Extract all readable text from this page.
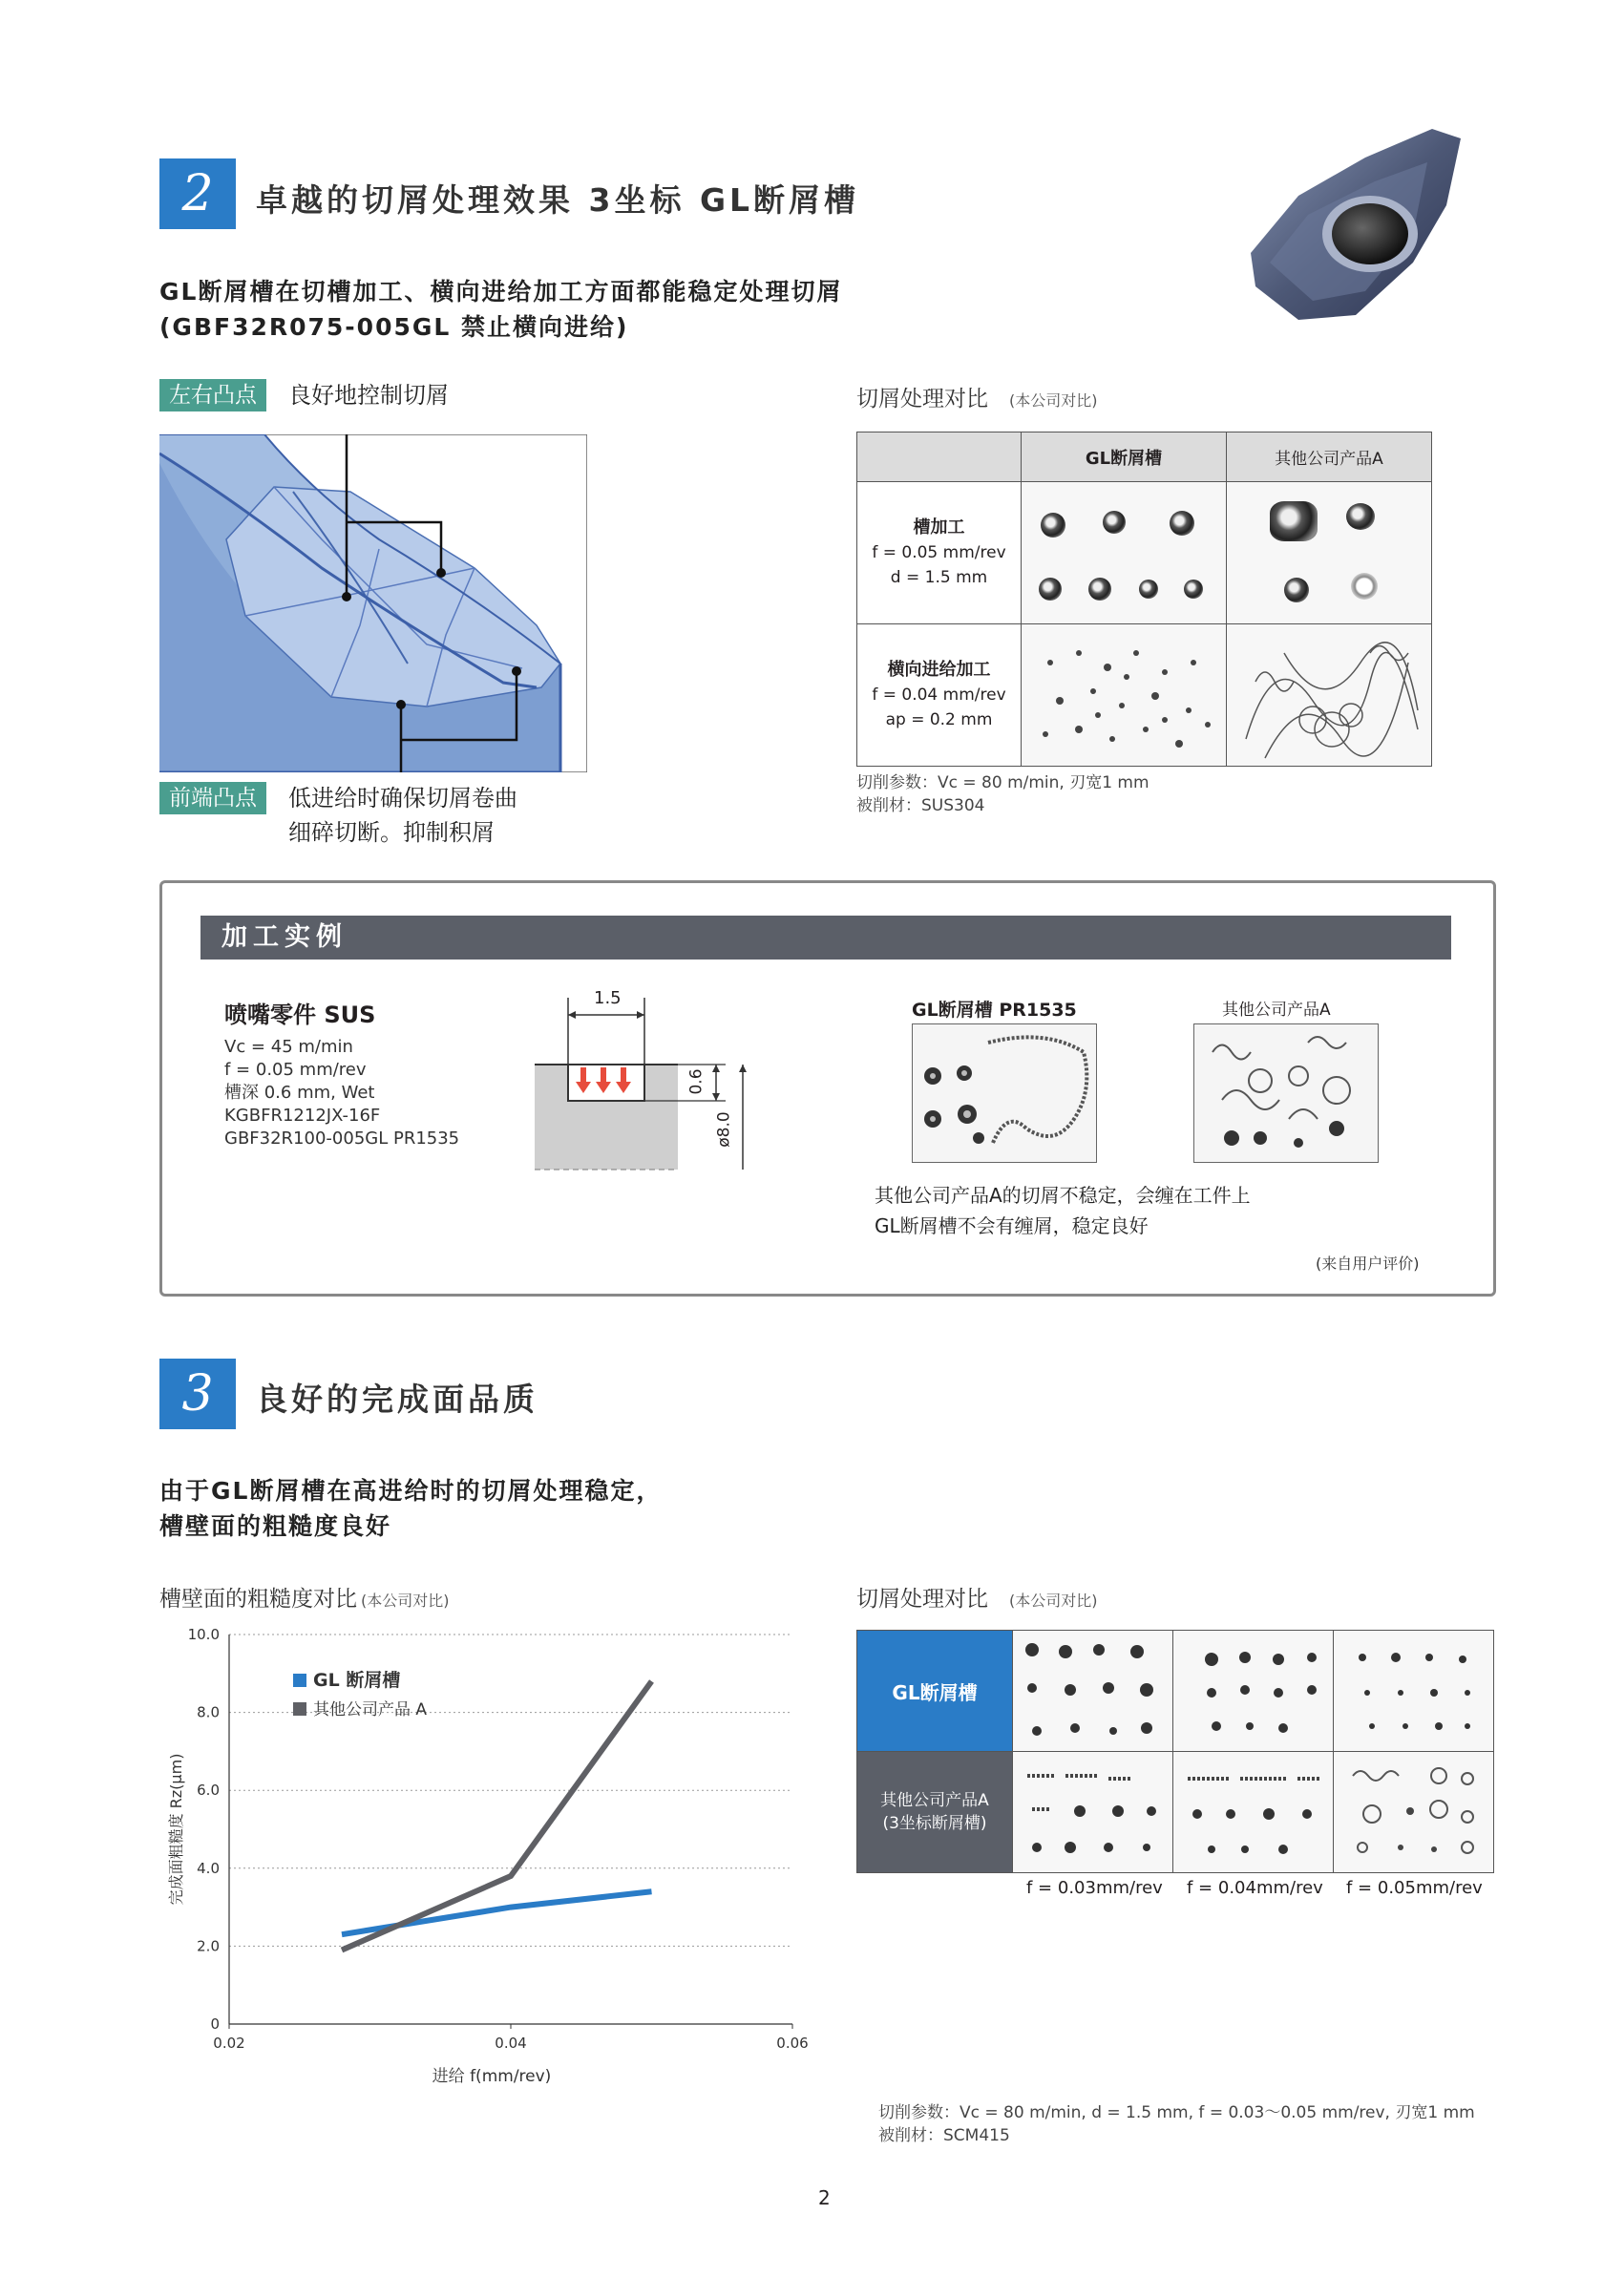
2	卓越的切屑处理效果 3坐标 GL断屑槽
GL断屑槽在切槽加工、横向进给加工方面都能稳定处理切屑
(GBF32R075-005GL 禁止横向进给)
左右凸点	良好地控制切屑
前端凸点	低进给时确保切屑卷曲
细碎切断。抑制积屑
切屑处理对比 (本公司对比)
	GL断屑槽	其他公司产品A
槽加工
f = 0.05 mm/rev
d = 1.5 mm	

横向进给加工
f = 0.04 mm/rev
ap = 0.2 mm	

切削参数：Vc = 80 m/min, 刃宽1 mm
被削材：SUS304
加工实例
喷嘴零件 SUS
Vc = 45 m/min
f = 0.05 mm/rev
槽深 0.6 mm, Wet
KGBFR1212JX-16F
GBF32R100-005GL PR1535
1.5
0.6
ø8.0
GL断屑槽 PR1535	其他公司产品A
其他公司产品A的切屑不稳定，会缠在工件上
GL断屑槽不会有缠屑，稳定良好
(来自用户评价)
3	良好的完成面品质
由于GL断屑槽在高进给时的切屑处理稳定，
槽壁面的粗糙度良好
槽壁面的粗糙度对比 (本公司对比)
0
2.0
4.0
6.0
8.0
10.0
0.02	0.04	0.06
进给 f(mm/rev)
完成面粗糙度 Rz(μm)
GL 断屑槽
其他公司产品 A
切屑处理对比 (本公司对比)
GL断屑槽	

其他公司产品A
(3坐标断屑槽)

f = 0.03mm/rev f = 0.04mm/rev f = 0.05mm/rev
切削参数：Vc = 80 m/min, d = 1.5 mm, f = 0.03～0.05 mm/rev, 刃宽1 mm
被削材：SCM415
2
